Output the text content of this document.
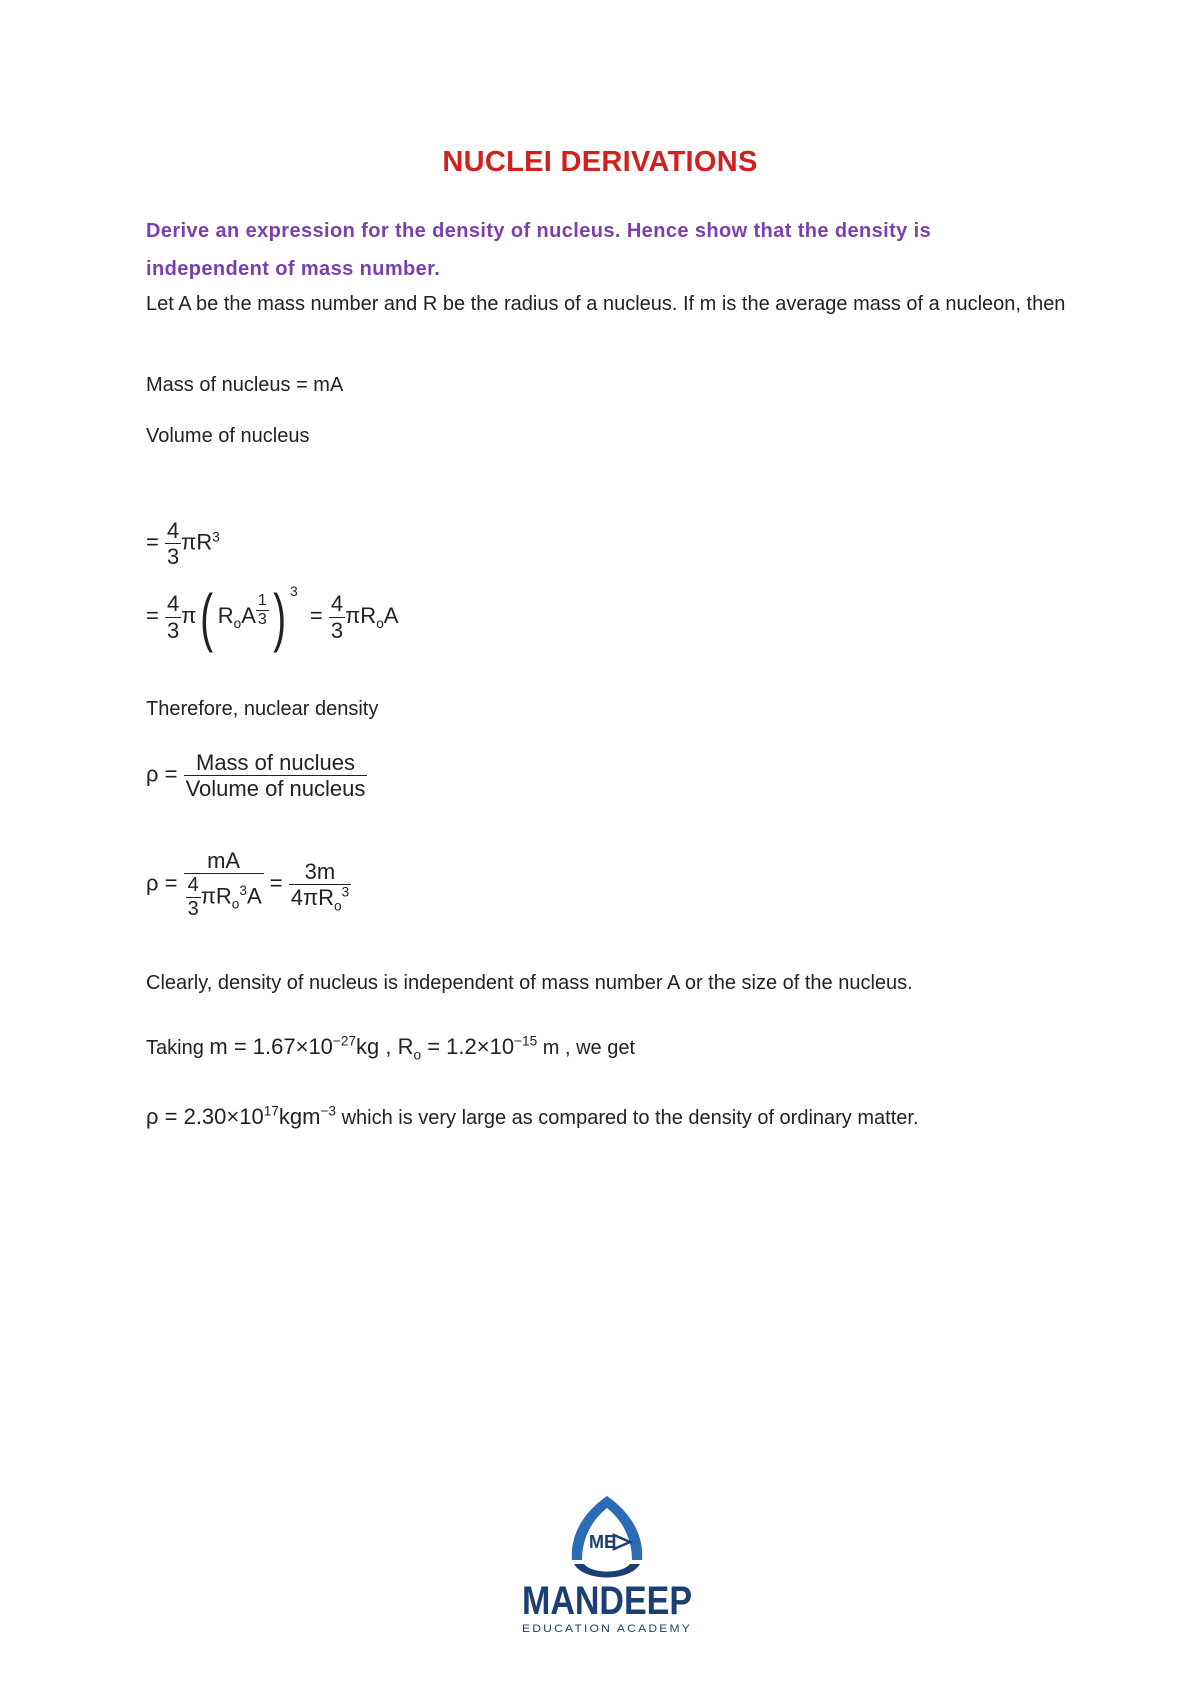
NUCLEI DERIVATIONS
Derive an expression for the density of nucleus. Hence show that the density is independent of mass number.
Let A be the mass number and R be the radius of a nucleus. If m is the average mass of a nucleon, then
Mass of nucleus = mA
Volume of nucleus
= $\frac{4}{3} \pi R^3$
= $\frac{4}{3} \pi$( $R_oA$ $^{\frac{1}{3}}$ ) $^3 = \frac{4}{3} \pi R_oA$
Therefore, nuclear density
$\rho = \frac{\text{Mass of nuclues}}{\text{Volume of nucleus}}$
$\rho = \frac{mA}{\frac{4}{3} \pi R_o^3A} = \frac{3m}{4\pi R_o^3}$
Clearly, density of nucleus is independent of mass number A or the size of the nucleus.
Taking $m = 1.67\times 10^{-27}kg$ , $R_o = 1.2\times 10^{-15}$ m , we get
$\rho = 2.30\times 10^{17}kgm^{-3}$ which is very large as compared to the density of ordinary matter.
ME
MANDEEP
EDUCATION ACADEMY
